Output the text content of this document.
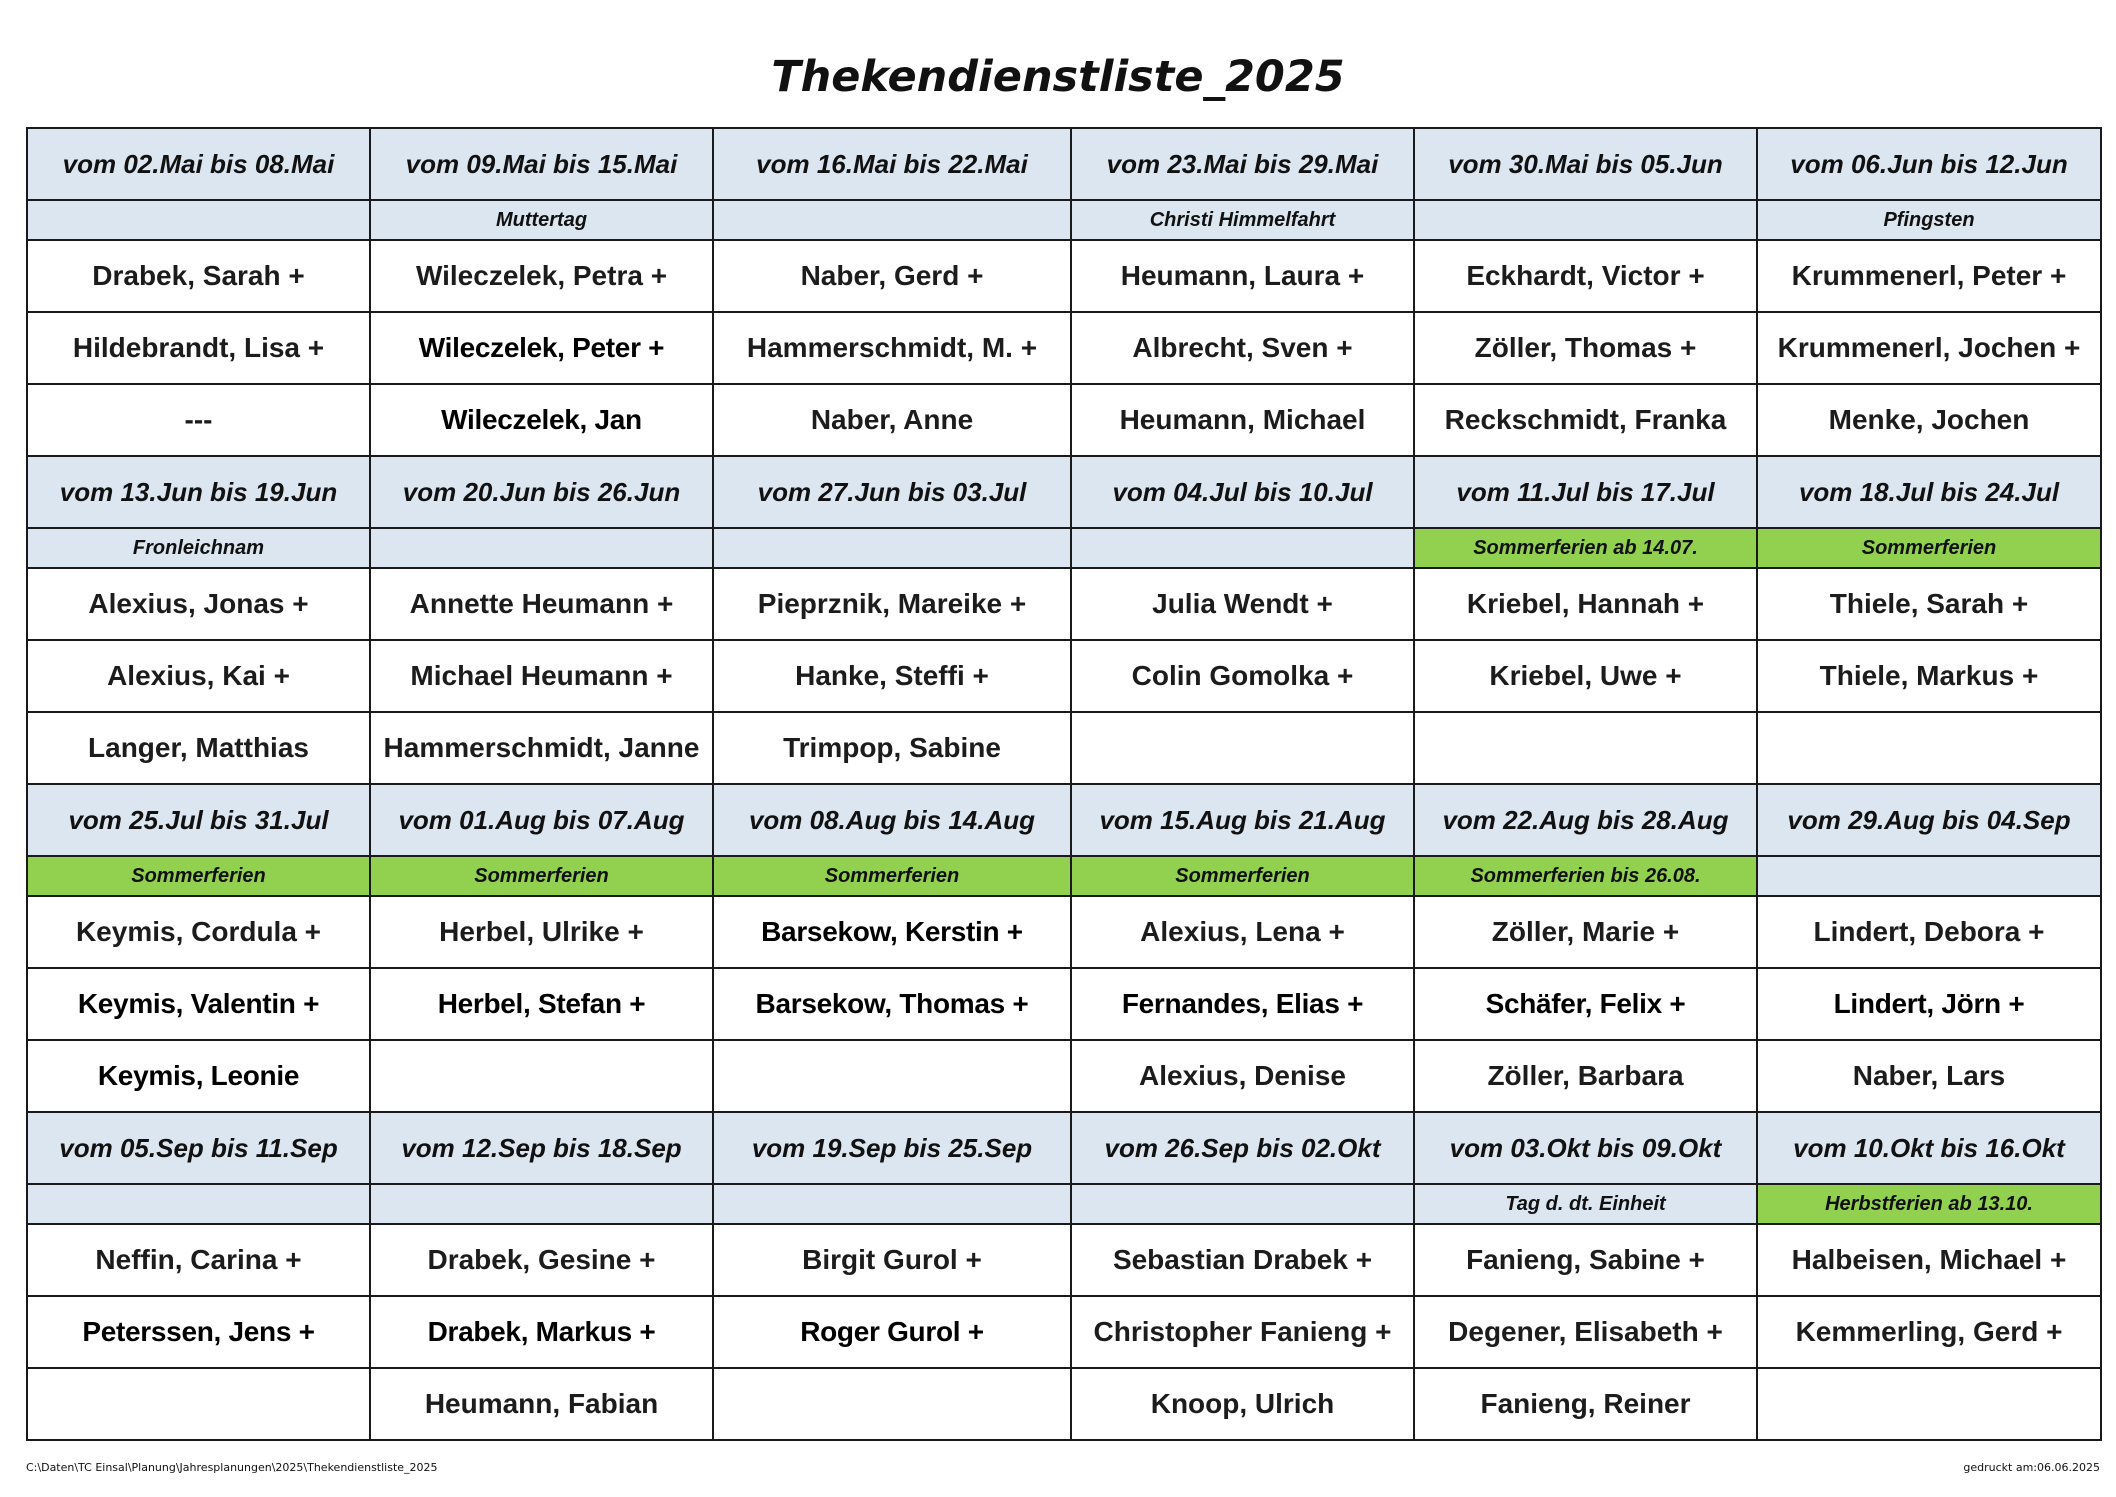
Thekendienstliste_2025
vom 02.Mai bis 08.Mai	vom 09.Mai bis 15.Mai	vom 16.Mai bis 22.Mai	vom 23.Mai bis 29.Mai	vom 30.Mai bis 05.Jun	vom 06.Jun bis 12.Jun
	Muttertag		Christi Himmelfahrt		Pfingsten
Drabek, Sarah +	Wileczelek, Petra +	Naber, Gerd +	Heumann, Laura +	Eckhardt, Victor +	Krummenerl, Peter +
Hildebrandt, Lisa +	Wileczelek, Peter +	Hammerschmidt, M. +	Albrecht, Sven +	Zöller, Thomas +	Krummenerl, Jochen +
---	Wileczelek, Jan	Naber, Anne	Heumann, Michael	Reckschmidt, Franka	Menke, Jochen
vom 13.Jun bis 19.Jun	vom 20.Jun bis 26.Jun	vom 27.Jun bis 03.Jul	vom 04.Jul bis 10.Jul	vom 11.Jul bis 17.Jul	vom 18.Jul bis 24.Jul
Fronleichnam				Sommerferien ab 14.07.	Sommerferien
Alexius, Jonas +	Annette Heumann +	Pieprznik, Mareike +	Julia Wendt +	Kriebel, Hannah +	Thiele, Sarah +
Alexius, Kai +	Michael Heumann +	Hanke, Steffi +	Colin Gomolka +	Kriebel, Uwe +	Thiele, Markus +
Langer, Matthias	Hammerschmidt, Janne	Trimpop, Sabine			
vom 25.Jul bis 31.Jul	vom 01.Aug bis 07.Aug	vom 08.Aug bis 14.Aug	vom 15.Aug bis 21.Aug	vom 22.Aug bis 28.Aug	vom 29.Aug bis 04.Sep
Sommerferien	Sommerferien	Sommerferien	Sommerferien	Sommerferien bis 26.08.	
Keymis, Cordula +	Herbel, Ulrike +	Barsekow, Kerstin +	Alexius, Lena +	Zöller, Marie +	Lindert, Debora +
Keymis, Valentin +	Herbel, Stefan +	Barsekow, Thomas +	Fernandes, Elias +	Schäfer, Felix +	Lindert, Jörn +
Keymis, Leonie			Alexius, Denise	Zöller, Barbara	Naber, Lars
vom 05.Sep bis 11.Sep	vom 12.Sep bis 18.Sep	vom 19.Sep bis 25.Sep	vom 26.Sep bis 02.Okt	vom 03.Okt bis 09.Okt	vom 10.Okt bis 16.Okt
				Tag d. dt. Einheit	Herbstferien ab 13.10.
Neffin, Carina +	Drabek, Gesine +	Birgit Gurol +	Sebastian Drabek +	Fanieng, Sabine +	Halbeisen, Michael +
Peterssen, Jens +	Drabek, Markus +	Roger Gurol +	Christopher Fanieng +	Degener, Elisabeth +	Kemmerling, Gerd +
	Heumann, Fabian		Knoop, Ulrich	Fanieng, Reiner	
C:\Daten\TC Einsal\Planung\Jahresplanungen\2025\Thekendienstliste_2025	gedruckt am:06.06.2025
